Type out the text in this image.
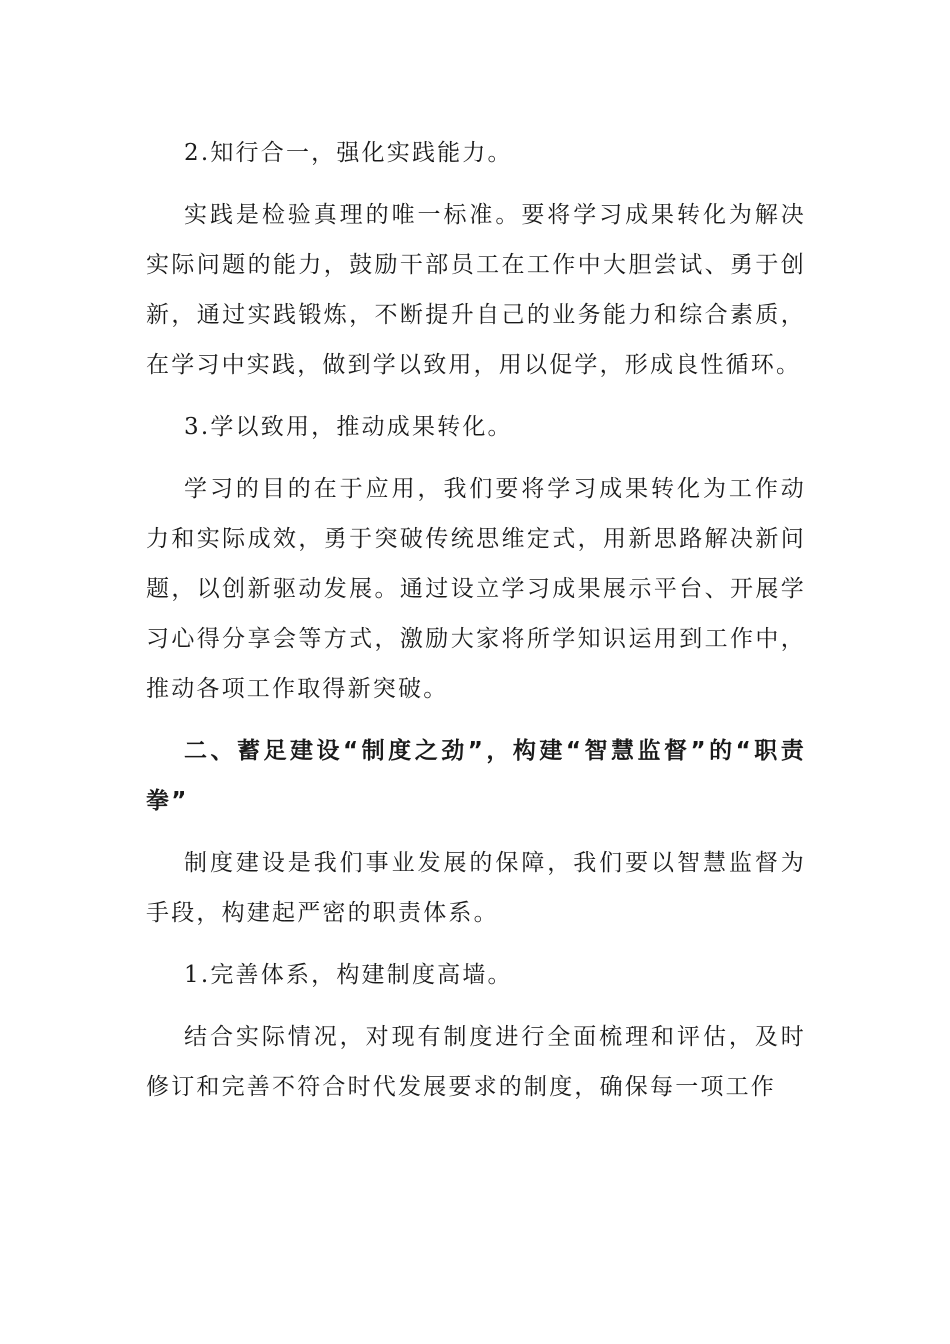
2.知行合一，强化实践能力。

实践是检验真理的唯一标准。要将学习成果转化为解决实际问题的能力，鼓励干部员工在工作中大胆尝试、勇于创新，通过实践锻炼，不断提升自己的业务能力和综合素质，在学习中实践，做到学以致用，用以促学，形成良性循环。

3.学以致用，推动成果转化。

学习的目的在于应用，我们要将学习成果转化为工作动力和实际成效，勇于突破传统思维定式，用新思路解决新问题，以创新驱动发展。通过设立学习成果展示平台、开展学习心得分享会等方式，激励大家将所学知识运用到工作中，推动各项工作取得新突破。

二、蓄足建设“制度之劲”，构建“智慧监督”的“职责拳”

制度建设是我们事业发展的保障，我们要以智慧监督为手段，构建起严密的职责体系。

1.完善体系，构建制度高墙。

结合实际情况，对现有制度进行全面梳理和评估，及时修订和完善不符合时代发展要求的制度，确保每一项工作
